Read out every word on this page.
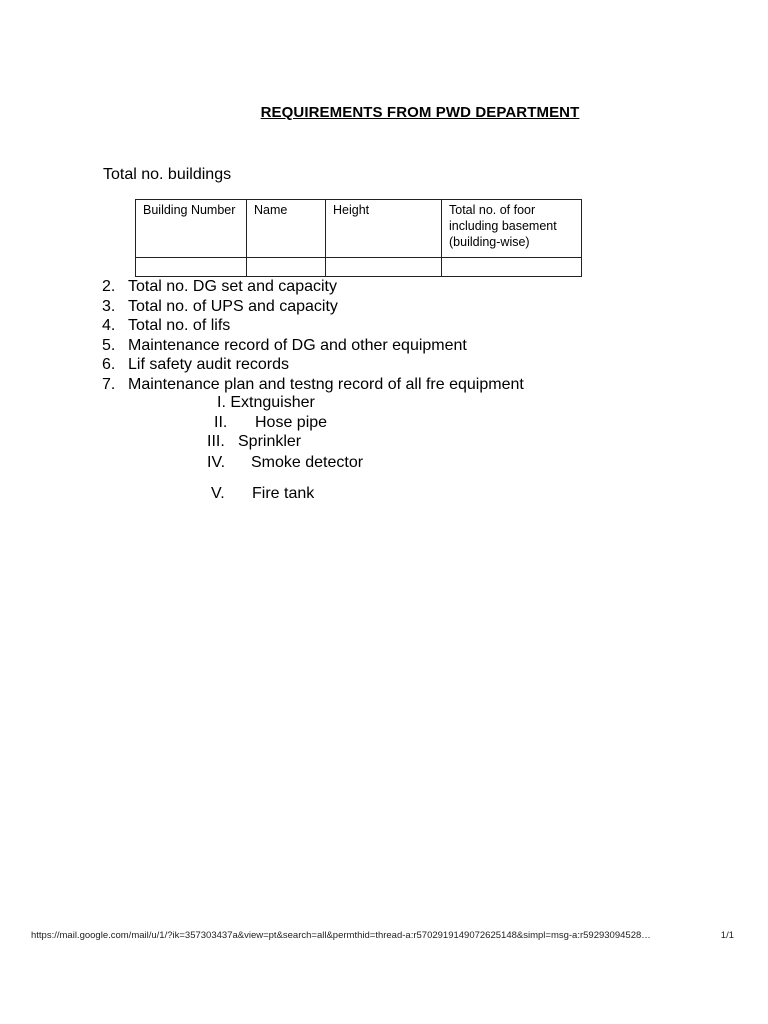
REQUIREMENTS FROM PWD DEPARTMENT
Total no. buildings
Building Number	Name	Height	Total no. of foor including basement (building-wise)

2. Total no. DG set and capacity
3. Total no. of UPS and capacity
4. Total no. of lifs
5. Maintenance record of DG and other equipment
6. Lif safety audit records
7. Maintenance plan and testng record of all fre equipment
I. Extnguisher
II. Hose pipe
III. Sprinkler
IV. Smoke detector
V. Fire tank
https://mail.google.com/mail/u/1/?ik=357303437a&view=pt&search=all&permthid=thread-a:r5702919149072625148&simpl=msg-a:r59293094528…	1/1
